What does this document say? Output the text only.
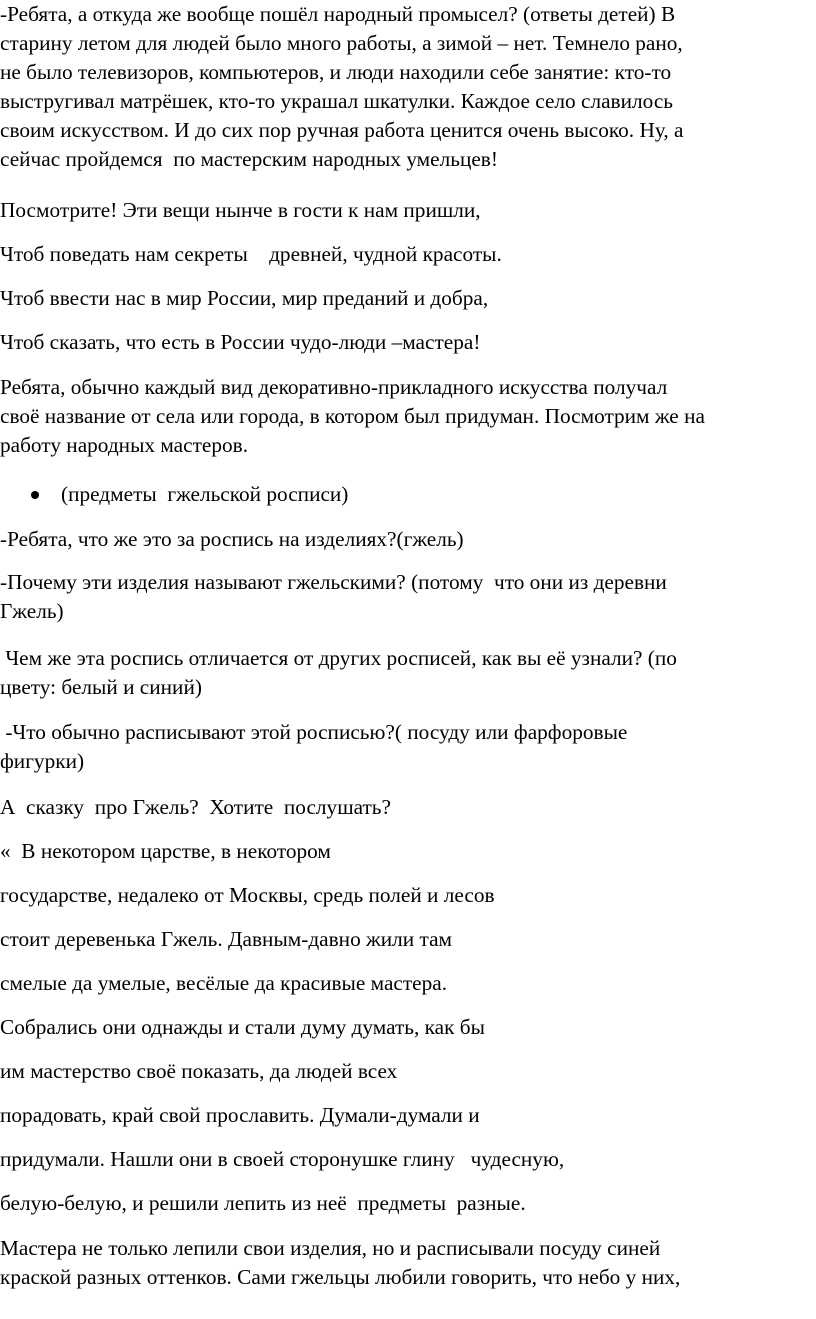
-Ребята, а откуда же вообще пошёл народный промысел? (ответы детей) В
старину летом для людей было много работы, а зимой – нет. Темнело рано,
не было телевизоров, компьютеров, и люди находили себе занятие: кто-то
выстругивал матрёшек, кто-то украшал шкатулки. Каждое село славилось
своим искусством. И до сих пор ручная работа ценится очень высоко. Ну, а
сейчас пройдемся  по мастерским народных умельцев!
Посмотрите! Эти вещи нынче в гости к нам пришли,
Чтоб поведать нам секреты    древней, чудной красоты.
Чтоб ввести нас в мир России, мир преданий и добра,
Чтоб сказать, что есть в России чудо-люди –мастера!
Ребята, обычно каждый вид декоративно-прикладного искусства получал
своё название от села или города, в котором был придуман. Посмотрим же на
работу народных мастеров.
(предметы  гжельской росписи)
-Ребята, что же это за роспись на изделиях?(гжель)
-Почему эти изделия называют гжельскими? (потому  что они из деревни
Гжель)
Чем же эта роспись отличается от других росписей, как вы её узнали? (по
цвету: белый и синий)
-Что обычно расписывают этой росписью?( посуду или фарфоровые
фигурки)
А  сказку  про Гжель?  Хотите  послушать?
«  В некотором царстве, в некотором
государстве, недалеко от Москвы, средь полей и лесов
стоит деревенька Гжель. Давным-давно жили там
смелые да умелые, весёлые да красивые мастера.
Собрались они однажды и стали думу думать, как бы
им мастерство своё показать, да людей всех
порадовать, край свой прославить. Думали-думали и
придумали. Нашли они в своей сторонушке глину   чудесную,
белую-белую, и решили лепить из неё  предметы  разные.
Мастера не только лепили свои изделия, но и расписывали посуду синей
краской разных оттенков. Сами гжельцы любили говорить, что небо у них,
